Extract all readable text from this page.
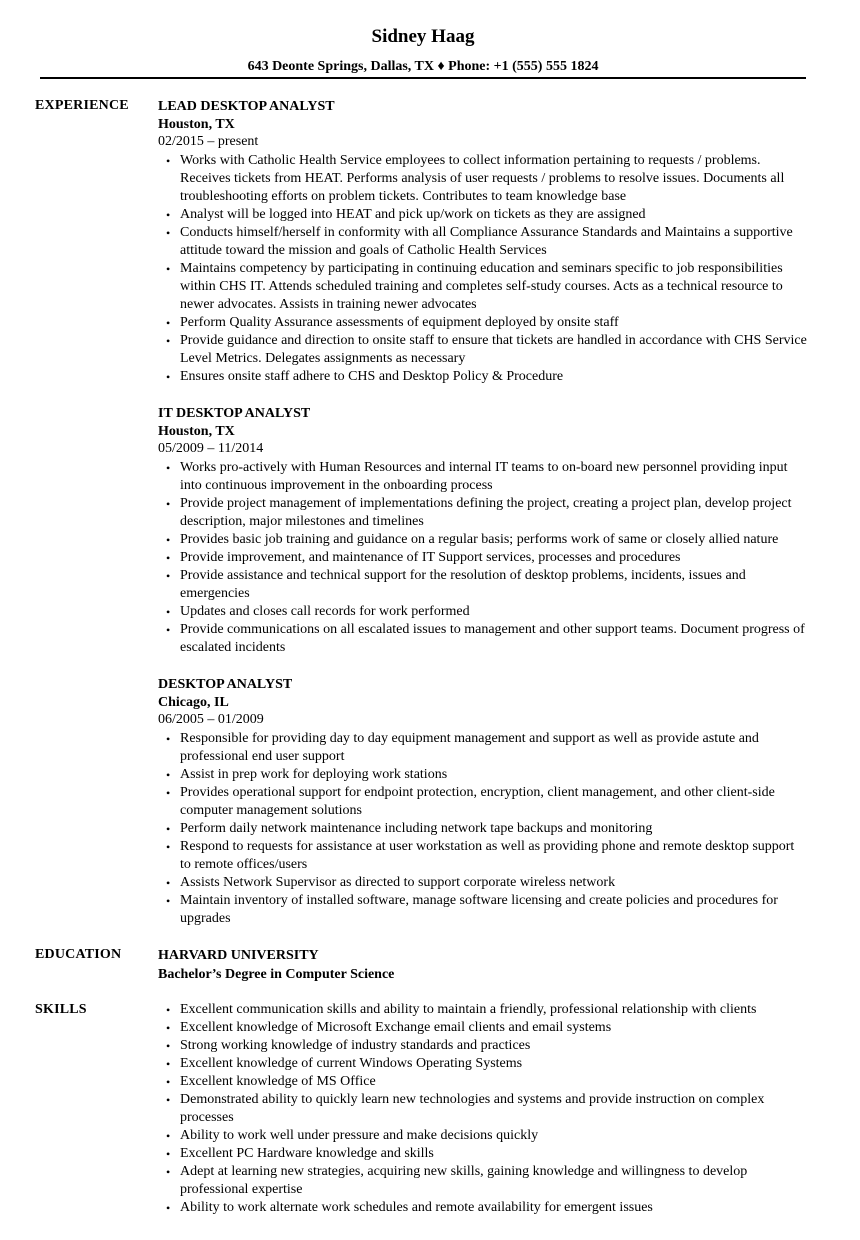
Sidney Haag
643 Deonte Springs, Dallas, TX ♦ Phone: +1 (555) 555 1824
EXPERIENCE LEAD DESKTOP ANALYST
Houston, TX
02/2015 – present
• Works with Catholic Health Service employees to collect information pertaining to requests / problems. Receives tickets from HEAT. Performs analysis of user requests / problems to resolve issues. Documents all troubleshooting efforts on problem tickets. Contributes to team knowledge base
• Analyst will be logged into HEAT and pick up/work on tickets as they are assigned
• Conducts himself/herself in conformity with all Compliance Assurance Standards and Maintains a supportive attitude toward the mission and goals of Catholic Health Services
• Maintains competency by participating in continuing education and seminars specific to job responsibilities within CHS IT. Attends scheduled training and completes self-study courses. Acts as a technical resource to newer advocates. Assists in training newer advocates
• Perform Quality Assurance assessments of equipment deployed by onsite staff
• Provide guidance and direction to onsite staff to ensure that tickets are handled in accordance with CHS Service Level Metrics. Delegates assignments as necessary
• Ensures onsite staff adhere to CHS and Desktop Policy & Procedure
IT DESKTOP ANALYST
Houston, TX
05/2009 – 11/2014
• Works pro-actively with Human Resources and internal IT teams to on-board new personnel providing input into continuous improvement in the onboarding process
• Provide project management of implementations defining the project, creating a project plan, develop project description, major milestones and timelines
• Provides basic job training and guidance on a regular basis; performs work of same or closely allied nature
• Provide improvement, and maintenance of IT Support services, processes and procedures
• Provide assistance and technical support for the resolution of desktop problems, incidents, issues and emergencies
• Updates and closes call records for work performed
• Provide communications on all escalated issues to management and other support teams. Document progress of escalated incidents
DESKTOP ANALYST
Chicago, IL
06/2005 – 01/2009
• Responsible for providing day to day equipment management and support as well as provide astute and professional end user support
• Assist in prep work for deploying work stations
• Provides operational support for endpoint protection, encryption, client management, and other client-side computer management solutions
• Perform daily network maintenance including network tape backups and monitoring
• Respond to requests for assistance at user workstation as well as providing phone and remote desktop support to remote offices/users
• Assists Network Supervisor as directed to support corporate wireless network
• Maintain inventory of installed software, manage software licensing and create policies and procedures for upgrades
EDUCATION	HARVARD UNIVERSITY
Bachelor’s Degree in Computer Science
SKILLS
•	Excellent communication skills and ability to maintain a friendly, professional relationship with clients
• Excellent knowledge of Microsoft Exchange email clients and email systems
• Strong working knowledge of industry standards and practices
• Excellent knowledge of current Windows Operating Systems
• Excellent knowledge of MS Office
• Demonstrated ability to quickly learn new technologies and systems and provide instruction on complex processes
• Ability to work well under pressure and make decisions quickly
• Excellent PC Hardware knowledge and skills
• Adept at learning new strategies, acquiring new skills, gaining knowledge and willingness to develop professional expertise
• Ability to work alternate work schedules and remote availability for emergent issues
